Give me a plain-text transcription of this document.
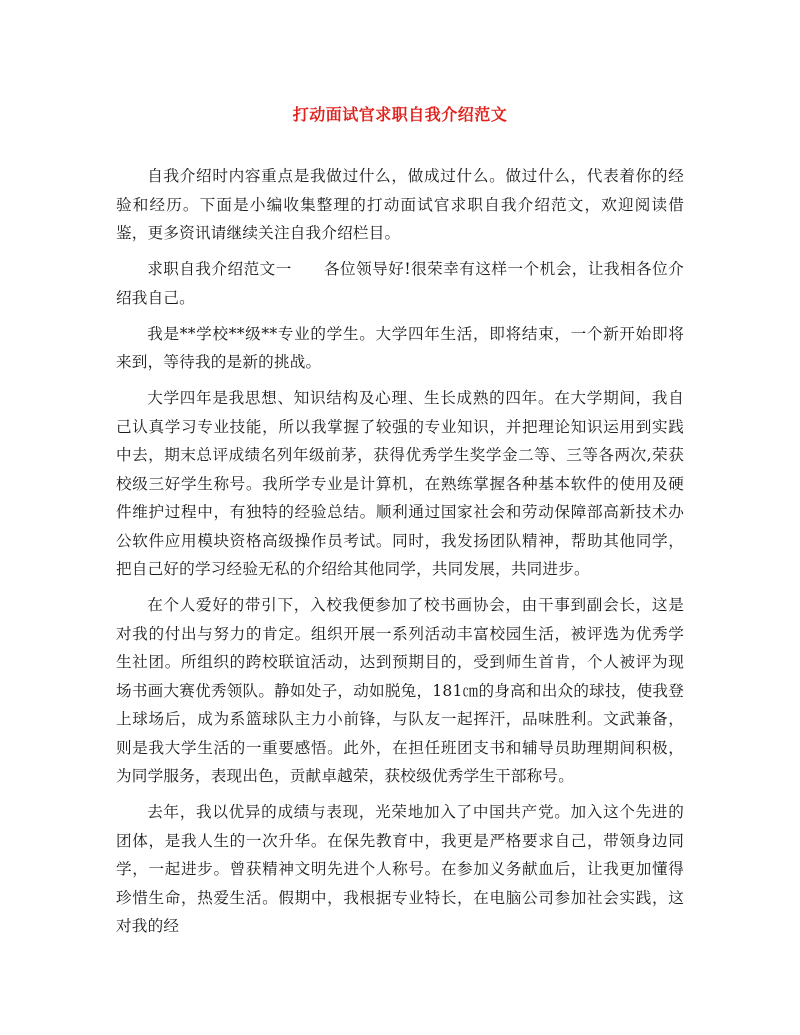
打动面试官求职自我介绍范文

自我介绍时内容重点是我做过什么，做成过什么。做过什么，代表着你的经验和经历。下面是小编收集整理的打动面试官求职自我介绍范文，欢迎阅读借鉴，更多资讯请继续关注自我介绍栏目。

求职自我介绍范文一　　各位领导好!很荣幸有这样一个机会，让我相各位介绍我自己。

我是**学校**级**专业的学生。大学四年生活，即将结束，一个新开始即将来到，等待我的是新的挑战。

大学四年是我思想、知识结构及心理、生长成熟的四年。在大学期间，我自己认真学习专业技能，所以我掌握了较强的专业知识，并把理论知识运用到实践中去，期末总评成绩名列年级前茅，获得优秀学生奖学金二等、三等各两次,荣获校级三好学生称号。我所学专业是计算机，在熟练掌握各种基本软件的使用及硬件维护过程中，有独特的经验总结。顺利通过国家社会和劳动保障部高新技术办公软件应用模块资格高级操作员考试。同时，我发扬团队精神，帮助其他同学，把自己好的学习经验无私的介绍给其他同学，共同发展，共同进步。

在个人爱好的带引下，入校我便参加了校书画协会，由干事到副会长，这是对我的付出与努力的肯定。组织开展一系列活动丰富校园生活，被评选为优秀学生社团。所组织的跨校联谊活动，达到预期目的，受到师生首肯，个人被评为现场书画大赛优秀领队。静如处子，动如脱兔，181㎝的身高和出众的球技，使我登上球场后，成为系篮球队主力小前锋，与队友一起挥汗，品味胜利。文武兼备，则是我大学生活的一重要感悟。此外，在担任班团支书和辅导员助理期间积极，为同学服务，表现出色，贡献卓越荣，获校级优秀学生干部称号。

去年，我以优异的成绩与表现，光荣地加入了中国共产党。加入这个先进的团体，是我人生的一次升华。在保先教育中，我更是严格要求自己，带领身边同学，一起进步。曾获精神文明先进个人称号。在参加义务献血后，让我更加懂得珍惜生命，热爱生活。假期中，我根据专业特长，在电脑公司参加社会实践，这对我的经
